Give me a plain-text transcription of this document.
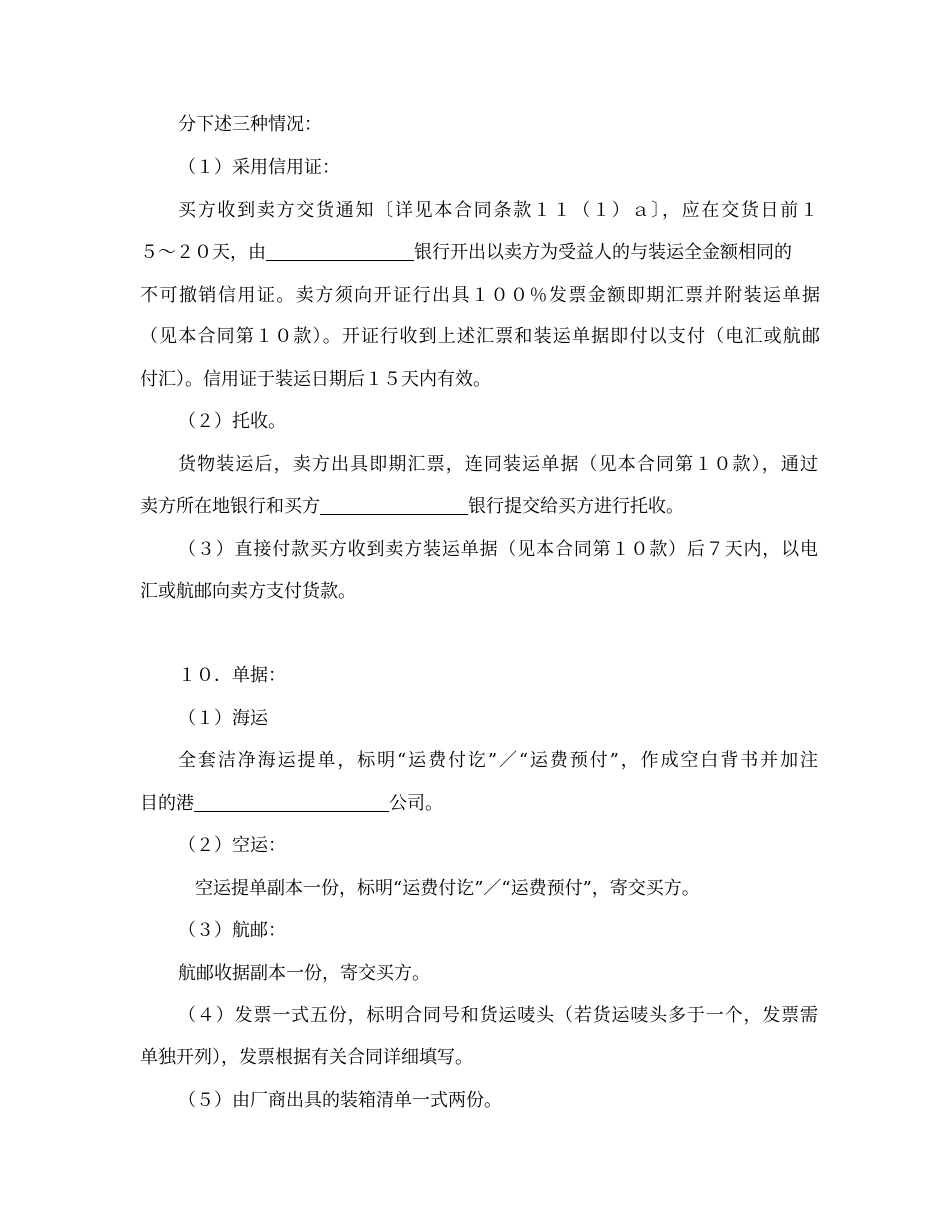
分下述三种情况：
（１）采用信用证：
买方收到卖方交货通知〔详见本合同条款１１（１）ａ〕，应在交货日前１
５～２０天，由	银行开出以卖方为受益人的与装运全金额相同的
不可撤销信用证。卖方须向开证行出具１００％发票金额即期汇票并附装运单据
（见本合同第１０款）。开证行收到上述汇票和装运单据即付以支付（电汇或航邮
付汇）。信用证于装运日期后１５天内有效。
（２）托收。
货物装运后，卖方出具即期汇票，连同装运单据（见本合同第１０款），通过
卖方所在地银行和买方	银行提交给买方进行托收。
（３）直接付款买方收到卖方装运单据（见本合同第１０款）后７天内，以电
汇或航邮向卖方支付货款。
１０．单据：
（１）海运
全套洁净海运提单，标明“运费付讫”／“运费预付”，作成空白背书并加注
目的港	公司。
（２）空运：
空运提单副本一份，标明“运费付讫”／“运费预付”，寄交买方。
（３）航邮：
航邮收据副本一份，寄交买方。
（４）发票一式五份，标明合同号和货运唛头（若货运唛头多于一个，发票需
单独开列），发票根据有关合同详细填写。
（５）由厂商出具的装箱清单一式两份。
